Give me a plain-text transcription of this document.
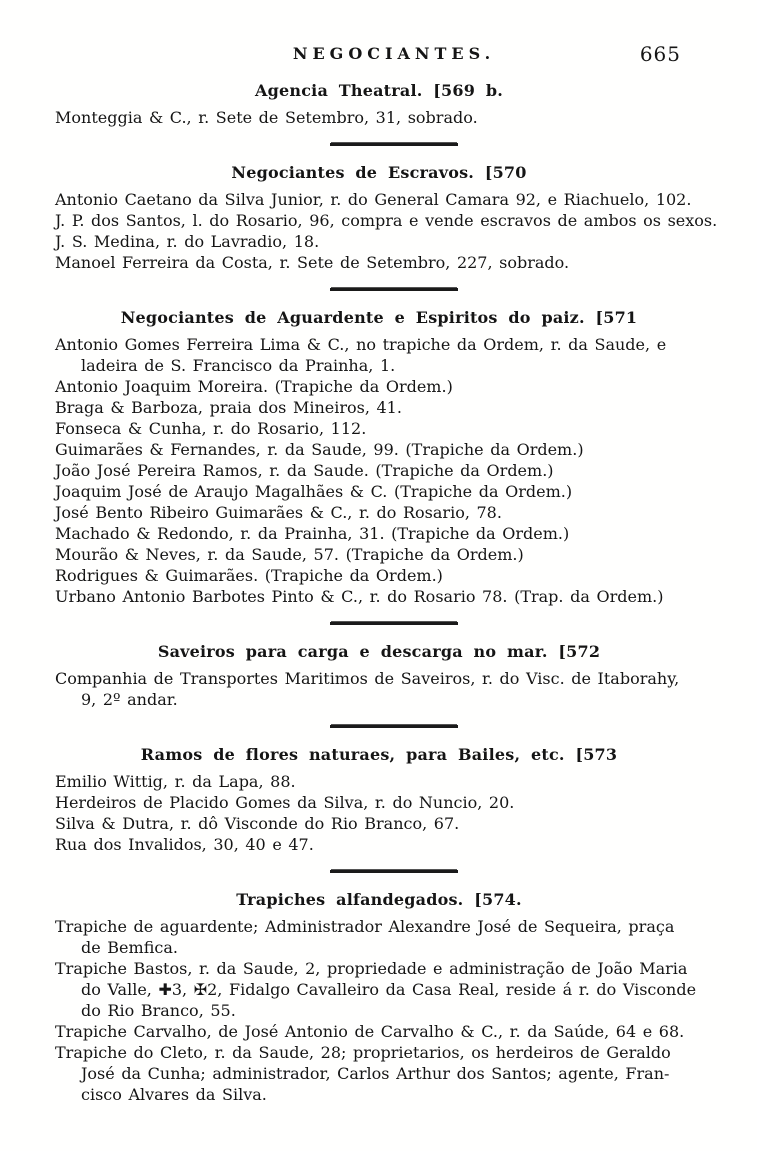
NEGOCIANTES.	665
Agencia Theatral. [569 b.
Monteggia & C., r. Sete de Setembro, 31, sobrado.
Negociantes de Escravos. [570
Antonio Caetano da Silva Junior, r. do General Camara 92, e Riachuelo, 102.
J. P. dos Santos, l. do Rosario, 96, compra e vende escravos de ambos os sexos.
J. S. Medina, r. do Lavradio, 18.
Manoel Ferreira da Costa, r. Sete de Setembro, 227, sobrado.
Negociantes de Aguardente e Espiritos do paiz. [571
Antonio Gomes Ferreira Lima & C., no trapiche da Ordem, r. da Saude, e
ladeira de S. Francisco da Prainha, 1.
Antonio Joaquim Moreira. (Trapiche da Ordem.)
Braga & Barboza, praia dos Mineiros, 41.
Fonseca & Cunha, r. do Rosario, 112.
Guimarães & Fernandes, r. da Saude, 99. (Trapiche da Ordem.)
João José Pereira Ramos, r. da Saude. (Trapiche da Ordem.)
Joaquim José de Araujo Magalhães & C. (Trapiche da Ordem.)
José Bento Ribeiro Guimarães & C., r. do Rosario, 78.
Machado & Redondo, r. da Prainha, 31. (Trapiche da Ordem.)
Mourão & Neves, r. da Saude, 57. (Trapiche da Ordem.)
Rodrigues & Guimarães. (Trapiche da Ordem.)
Urbano Antonio Barbotes Pinto & C., r. do Rosario 78. (Trap. da Ordem.)
Saveiros para carga e descarga no mar. [572
Companhia de Transportes Maritimos de Saveiros, r. do Visc. de Itaborahy,
9, 2º andar.
Ramos de flores naturaes, para Bailes, etc. [573
Emilio Wittig, r. da Lapa, 88.
Herdeiros de Placido Gomes da Silva, r. do Nuncio, 20.
Silva & Dutra, r. dô Visconde do Rio Branco, 67.
Rua dos Invalidos, 30, 40 e 47.
Trapiches alfandegados. [574.
Trapiche de aguardente; Administrador Alexandre José de Sequeira, praça
de Bemfica.
Trapiche Bastos, r. da Saude, 2, propriedade e administração de João Maria
do Valle, ✚3, ✠2, Fidalgo Cavalleiro da Casa Real, reside á r. do Visconde
do Rio Branco, 55.
Trapiche Carvalho, de José Antonio de Carvalho & C., r. da Saúde, 64 e 68.
Trapiche do Cleto, r. da Saude, 28; proprietarios, os herdeiros de Geraldo
José da Cunha; administrador, Carlos Arthur dos Santos; agente, Fran-
cisco Alvares da Silva.
